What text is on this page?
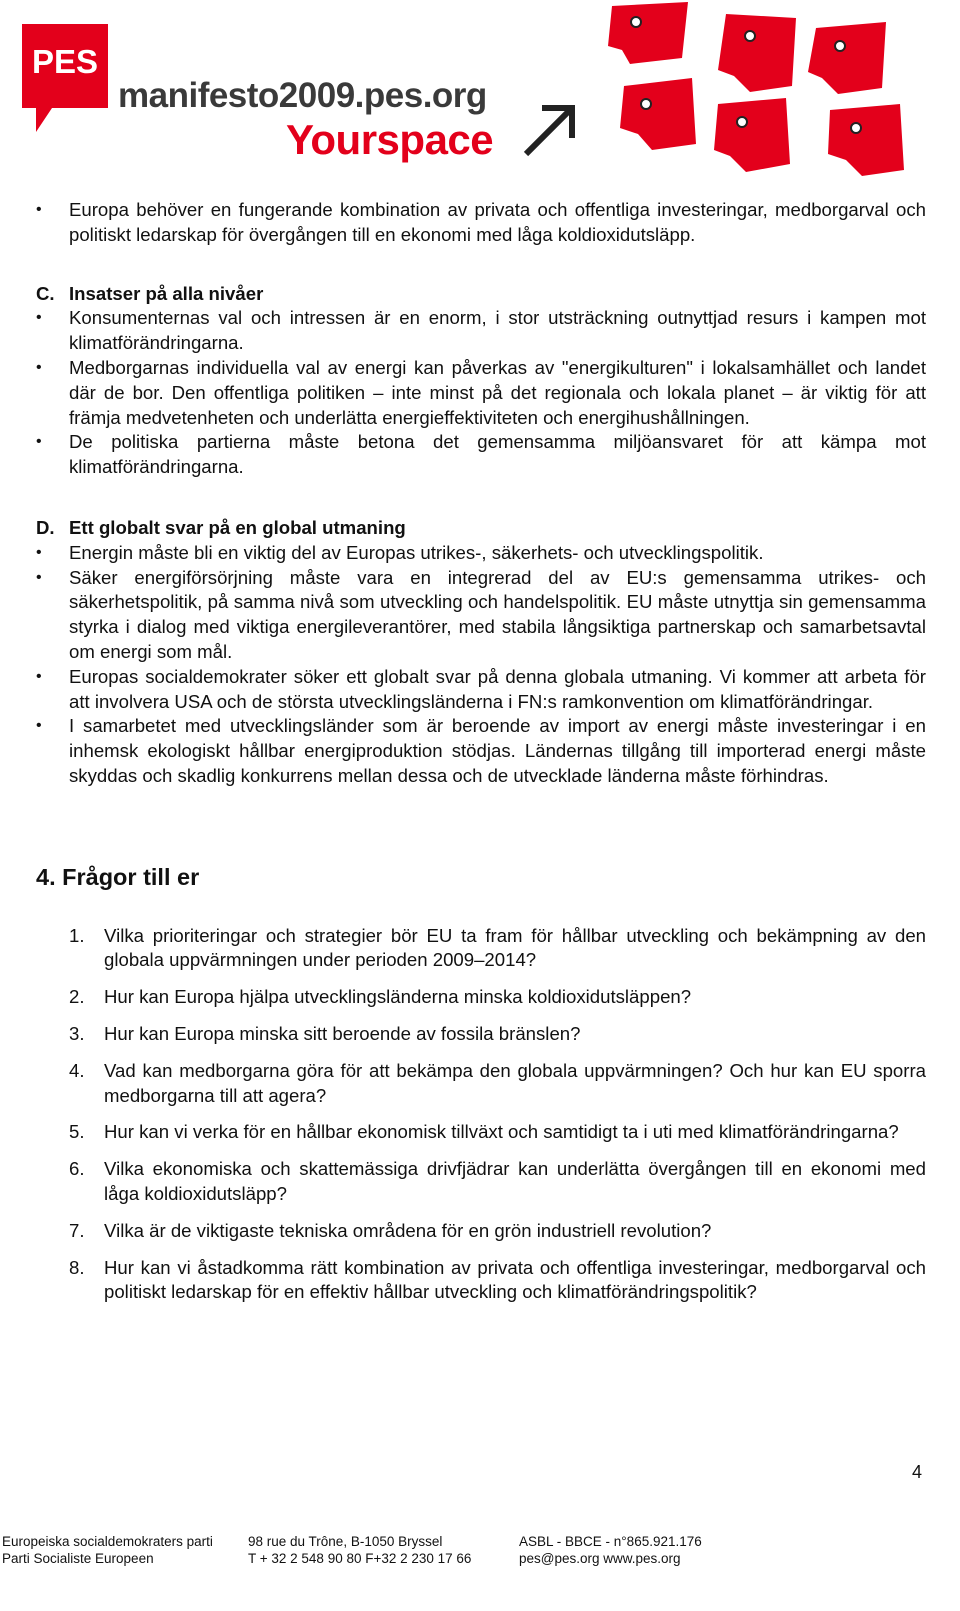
PES
manifesto2009.pes.org
Yourspace
• Europa behöver en fungerande kombination av privata och offentliga investeringar, medborgarval och politiskt ledarskap för övergången till en ekonomi med låga koldioxidutsläpp.
C. Insatser på alla nivåer
• Konsumenternas val och intressen är en enorm, i stor utsträckning outnyttjad resurs i kampen mot klimatförändringarna.
• Medborgarnas individuella val av energi kan påverkas av "energikulturen" i lokalsamhället och landet där de bor. Den offentliga politiken – inte minst på det regionala och lokala planet – är viktig för att främja medvetenheten och underlätta energieffektiviteten och energihushållningen.
• De politiska partierna måste betona det gemensamma miljöansvaret för att kämpa mot klimatförändringarna.
D. Ett globalt svar på en global utmaning
• Energin måste bli en viktig del av Europas utrikes-, säkerhets- och utvecklingspolitik.
• Säker energiförsörjning måste vara en integrerad del av EU:s gemensamma utrikes- och säkerhetspolitik, på samma nivå som utveckling och handelspolitik. EU måste utnyttja sin gemensamma styrka i dialog med viktiga energileverantörer, med stabila långsiktiga partnerskap och samarbetsavtal om energi som mål.
• Europas socialdemokrater söker ett globalt svar på denna globala utmaning. Vi kommer att arbeta för att involvera USA och de största utvecklingsländerna i FN:s ramkonvention om klimatförändringar.
• I samarbetet med utvecklingsländer som är beroende av import av energi måste investeringar i en inhemsk ekologiskt hållbar energiproduktion stödjas. Ländernas tillgång till importerad energi måste skyddas och skadlig konkurrens mellan dessa och de utvecklade länderna måste förhindras.
4. Frågor till er
1.	Vilka prioriteringar och strategier bör EU ta fram för hållbar utveckling och bekämpning av den globala uppvärmningen under perioden 2009–2014?
2.	Hur kan Europa hjälpa utvecklingsländerna minska koldioxidutsläppen?
3.	Hur kan Europa minska sitt beroende av fossila bränslen?
4.	Vad kan medborgarna göra för att bekämpa den globala uppvärmningen? Och hur kan EU sporra medborgarna till att agera?
5.	Hur kan vi verka för en hållbar ekonomisk tillväxt och samtidigt ta i uti med klimatförändringarna?
6.	Vilka ekonomiska och skattemässiga drivfjädrar kan underlätta övergången till en ekonomi med låga koldioxidutsläpp?
7.	Vilka är de viktigaste tekniska områdena för en grön industriell revolution?
8.	Hur kan vi åstadkomma rätt kombination av privata och offentliga investeringar, medborgarval och politiskt ledarskap för en effektiv hållbar utveckling och klimatförändringspolitik?
4
Europeiska socialdemokraters parti
Parti Socialiste Europeen
98 rue du Trône, B-1050 Bryssel
T + 32 2 548 90 80 F+32 2 230 17 66
ASBL - BBCE - n°865.921.176
pes@pes.org www.pes.org
